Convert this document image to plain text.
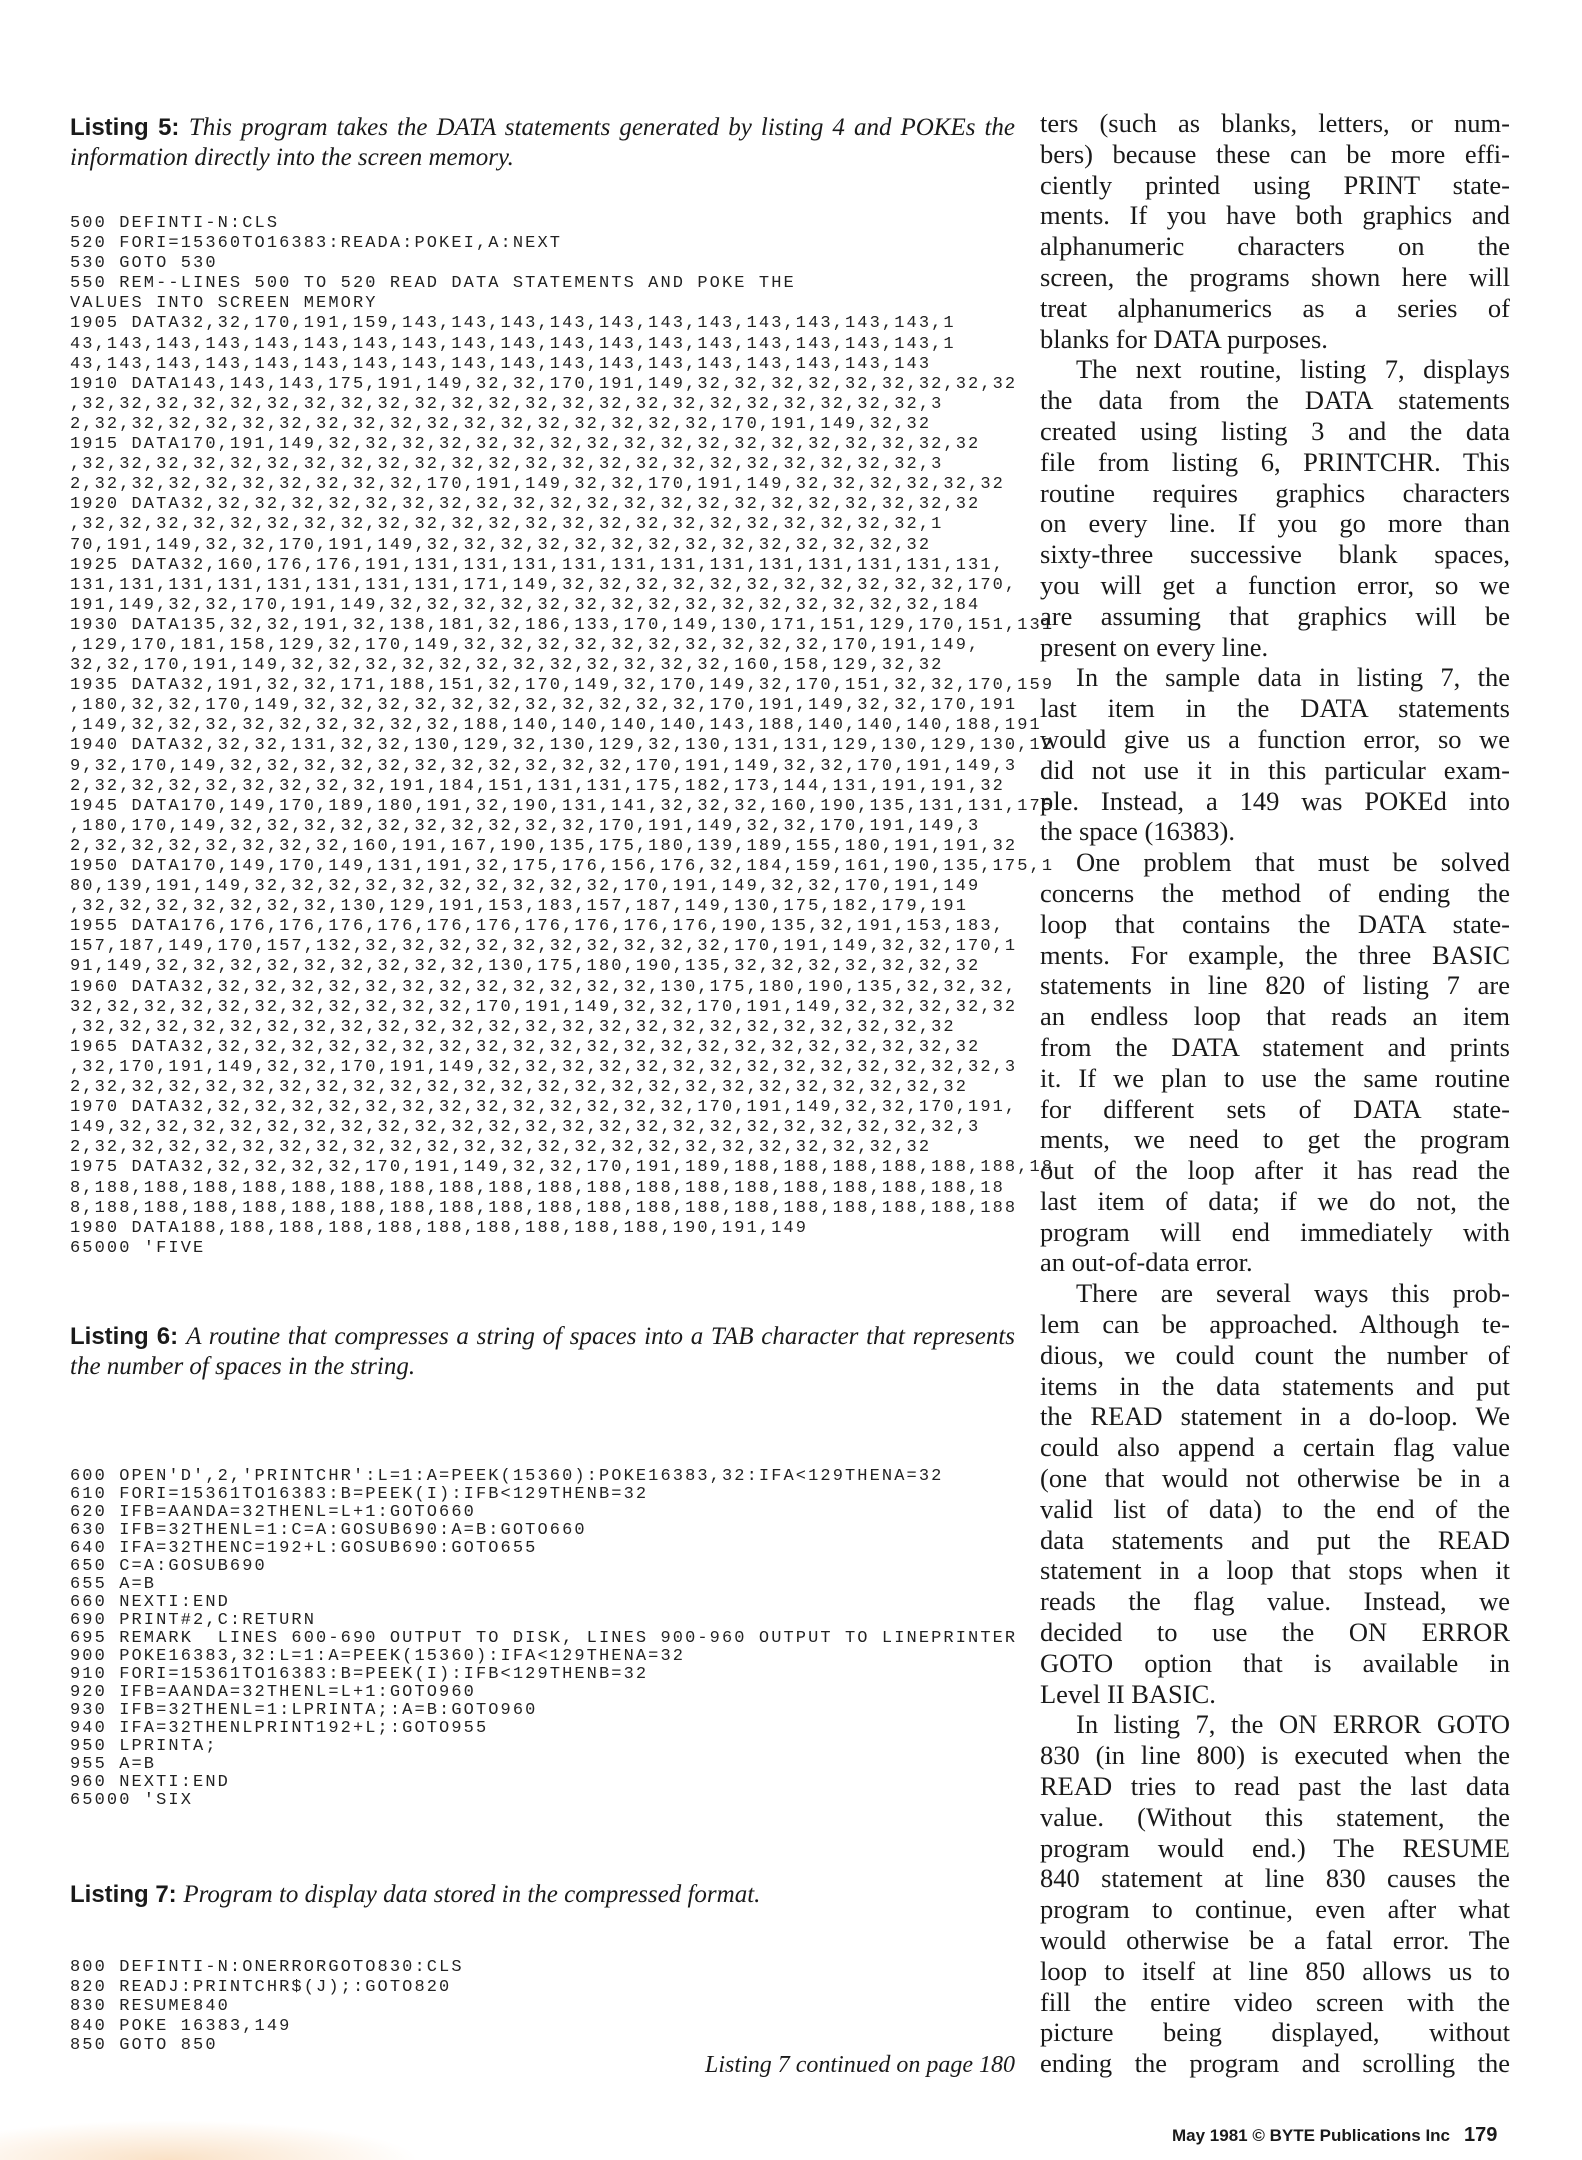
Listing 5: This program takes the DATA statements generated by listing 4 and POKEs the information directly into the screen memory.
500 DEFINTI-N:CLS
520 FORI=15360TO16383:READA:POKEI,A:NEXT
530 GOTO 530
550 REM--LINES 500 TO 520 READ DATA STATEMENTS AND POKE THE
VALUES INTO SCREEN MEMORY
1905 DATA32,32,170,191,159,143,143,143,143,143,143,143,143,143,143,143,1
43,143,143,143,143,143,143,143,143,143,143,143,143,143,143,143,143,143,1
43,143,143,143,143,143,143,143,143,143,143,143,143,143,143,143,143,143
1910 DATA143,143,143,175,191,149,32,32,170,191,149,32,32,32,32,32,32,32,32,32
,32,32,32,32,32,32,32,32,32,32,32,32,32,32,32,32,32,32,32,32,32,32,32,3
2,32,32,32,32,32,32,32,32,32,32,32,32,32,32,32,32,32,170,191,149,32,32
1915 DATA170,191,149,32,32,32,32,32,32,32,32,32,32,32,32,32,32,32,32,32,32
,32,32,32,32,32,32,32,32,32,32,32,32,32,32,32,32,32,32,32,32,32,32,32,3
2,32,32,32,32,32,32,32,32,32,170,191,149,32,32,170,191,149,32,32,32,32,32,32
1920 DATA32,32,32,32,32,32,32,32,32,32,32,32,32,32,32,32,32,32,32,32,32,32
,32,32,32,32,32,32,32,32,32,32,32,32,32,32,32,32,32,32,32,32,32,32,32,1
70,191,149,32,32,170,191,149,32,32,32,32,32,32,32,32,32,32,32,32,32,32
1925 DATA32,160,176,176,191,131,131,131,131,131,131,131,131,131,131,131,131,
131,131,131,131,131,131,131,131,171,149,32,32,32,32,32,32,32,32,32,32,32,170,
191,149,32,32,170,191,149,32,32,32,32,32,32,32,32,32,32,32,32,32,32,32,184
1930 DATA135,32,32,191,32,138,181,32,186,133,170,149,130,171,151,129,170,151,131
,129,170,181,158,129,32,170,149,32,32,32,32,32,32,32,32,32,32,170,191,149,
32,32,170,191,149,32,32,32,32,32,32,32,32,32,32,32,32,160,158,129,32,32
1935 DATA32,191,32,32,171,188,151,32,170,149,32,170,149,32,170,151,32,32,170,159
,180,32,32,170,149,32,32,32,32,32,32,32,32,32,32,32,170,191,149,32,32,170,191
,149,32,32,32,32,32,32,32,32,32,188,140,140,140,140,143,188,140,140,140,188,191
1940 DATA32,32,32,131,32,32,130,129,32,130,129,32,130,131,131,129,130,129,130,12
9,32,170,149,32,32,32,32,32,32,32,32,32,32,32,170,191,149,32,32,170,191,149,3
2,32,32,32,32,32,32,32,32,191,184,151,131,131,175,182,173,144,131,191,191,32
1945 DATA170,149,170,189,180,191,32,190,131,141,32,32,32,160,190,135,131,131,175
,180,170,149,32,32,32,32,32,32,32,32,32,32,170,191,149,32,32,170,191,149,3
2,32,32,32,32,32,32,32,160,191,167,190,135,175,180,139,189,155,180,191,191,32
1950 DATA170,149,170,149,131,191,32,175,176,156,176,32,184,159,161,190,135,175,1
80,139,191,149,32,32,32,32,32,32,32,32,32,32,170,191,149,32,32,170,191,149
,32,32,32,32,32,32,32,130,129,191,153,183,157,187,149,130,175,182,179,191
1955 DATA176,176,176,176,176,176,176,176,176,176,176,190,135,32,191,153,183,
157,187,149,170,157,132,32,32,32,32,32,32,32,32,32,32,170,191,149,32,32,170,1
91,149,32,32,32,32,32,32,32,32,32,130,175,180,190,135,32,32,32,32,32,32,32
1960 DATA32,32,32,32,32,32,32,32,32,32,32,32,32,130,175,180,190,135,32,32,32,
32,32,32,32,32,32,32,32,32,32,32,170,191,149,32,32,170,191,149,32,32,32,32,32
,32,32,32,32,32,32,32,32,32,32,32,32,32,32,32,32,32,32,32,32,32,32,32,32
1965 DATA32,32,32,32,32,32,32,32,32,32,32,32,32,32,32,32,32,32,32,32,32,32
,32,170,191,149,32,32,170,191,149,32,32,32,32,32,32,32,32,32,32,32,32,32,32,3
2,32,32,32,32,32,32,32,32,32,32,32,32,32,32,32,32,32,32,32,32,32,32,32,32
1970 DATA32,32,32,32,32,32,32,32,32,32,32,32,32,32,170,191,149,32,32,170,191,
149,32,32,32,32,32,32,32,32,32,32,32,32,32,32,32,32,32,32,32,32,32,32,32,3
2,32,32,32,32,32,32,32,32,32,32,32,32,32,32,32,32,32,32,32,32,32,32,32
1975 DATA32,32,32,32,32,170,191,149,32,32,170,191,189,188,188,188,188,188,188,18
8,188,188,188,188,188,188,188,188,188,188,188,188,188,188,188,188,188,188,18
8,188,188,188,188,188,188,188,188,188,188,188,188,188,188,188,188,188,188,188
1980 DATA188,188,188,188,188,188,188,188,188,188,190,191,149
65000 'FIVE
Listing 6: A routine that compresses a string of spaces into a TAB character that represents the number of spaces in the string.
600 OPEN'D',2,'PRINTCHR':L=1:A=PEEK(15360):POKE16383,32:IFA<129THENA=32
610 FORI=15361TO16383:B=PEEK(I):IFB<129THENB=32
620 IFB=AANDA=32THENL=L+1:GOTO660
630 IFB=32THENL=1:C=A:GOSUB690:A=B:GOTO660
640 IFA=32THENC=192+L:GOSUB690:GOTO655
650 C=A:GOSUB690
655 A=B
660 NEXTI:END
690 PRINT#2,C:RETURN
695 REMARK  LINES 600-690 OUTPUT TO DISK, LINES 900-960 OUTPUT TO LINEPRINTER
900 POKE16383,32:L=1:A=PEEK(15360):IFA<129THENA=32
910 FORI=15361TO16383:B=PEEK(I):IFB<129THENB=32
920 IFB=AANDA=32THENL=L+1:GOTO960
930 IFB=32THENL=1:LPRINTA;:A=B:GOTO960
940 IFA=32THENLPRINT192+L;:GOTO955
950 LPRINTA;
955 A=B
960 NEXTI:END
65000 'SIX
Listing 7: Program to display data stored in the compressed format.
800 DEFINTI-N:ONERRORGOTO830:CLS
820 READJ:PRINTCHR$(J);:GOTO820
830 RESUME840
840 POKE 16383,149
850 GOTO 850
Listing 7 continued on page 180
ters (such as blanks, letters, or num-
bers) because these can be more effi-
ciently printed using PRINT state-
ments. If you have both graphics and
alphanumeric characters on the
screen, the programs shown here will
treat alphanumerics as a series of
blanks for DATA purposes.
The next routine, listing 7, displays
the data from the DATA statements
created using listing 3 and the data
file from listing 6, PRINTCHR. This
routine requires graphics characters
on every line. If you go more than
sixty-three successive blank spaces,
you will get a function error, so we
are assuming that graphics will be
present on every line.
In the sample data in listing 7, the
last item in the DATA statements
would give us a function error, so we
did not use it in this particular exam-
ple. Instead, a 149 was POKEd into
the space (16383).
One problem that must be solved
concerns the method of ending the
loop that contains the DATA state-
ments. For example, the three BASIC
statements in line 820 of listing 7 are
an endless loop that reads an item
from the DATA statement and prints
it. If we plan to use the same routine
for different sets of DATA state-
ments, we need to get the program
out of the loop after it has read the
last item of data; if we do not, the
program will end immediately with
an out-of-data error.
There are several ways this prob-
lem can be approached. Although te-
dious, we could count the number of
items in the data statements and put
the READ statement in a do-loop. We
could also append a certain flag value
(one that would not otherwise be in a
valid list of data) to the end of the
data statements and put the READ
statement in a loop that stops when it
reads the flag value. Instead, we
decided to use the ON ERROR
GOTO option that is available in
Level II BASIC.
In listing 7, the ON ERROR GOTO
830 (in line 800) is executed when the
READ tries to read past the last data
value. (Without this statement, the
program would end.) The RESUME
840 statement at line 830 causes the
program to continue, even after what
would otherwise be a fatal error. The
loop to itself at line 850 allows us to
fill the entire video screen with the
picture being displayed, without
ending the program and scrolling the
May 1981 © BYTE Publications Inc 179
